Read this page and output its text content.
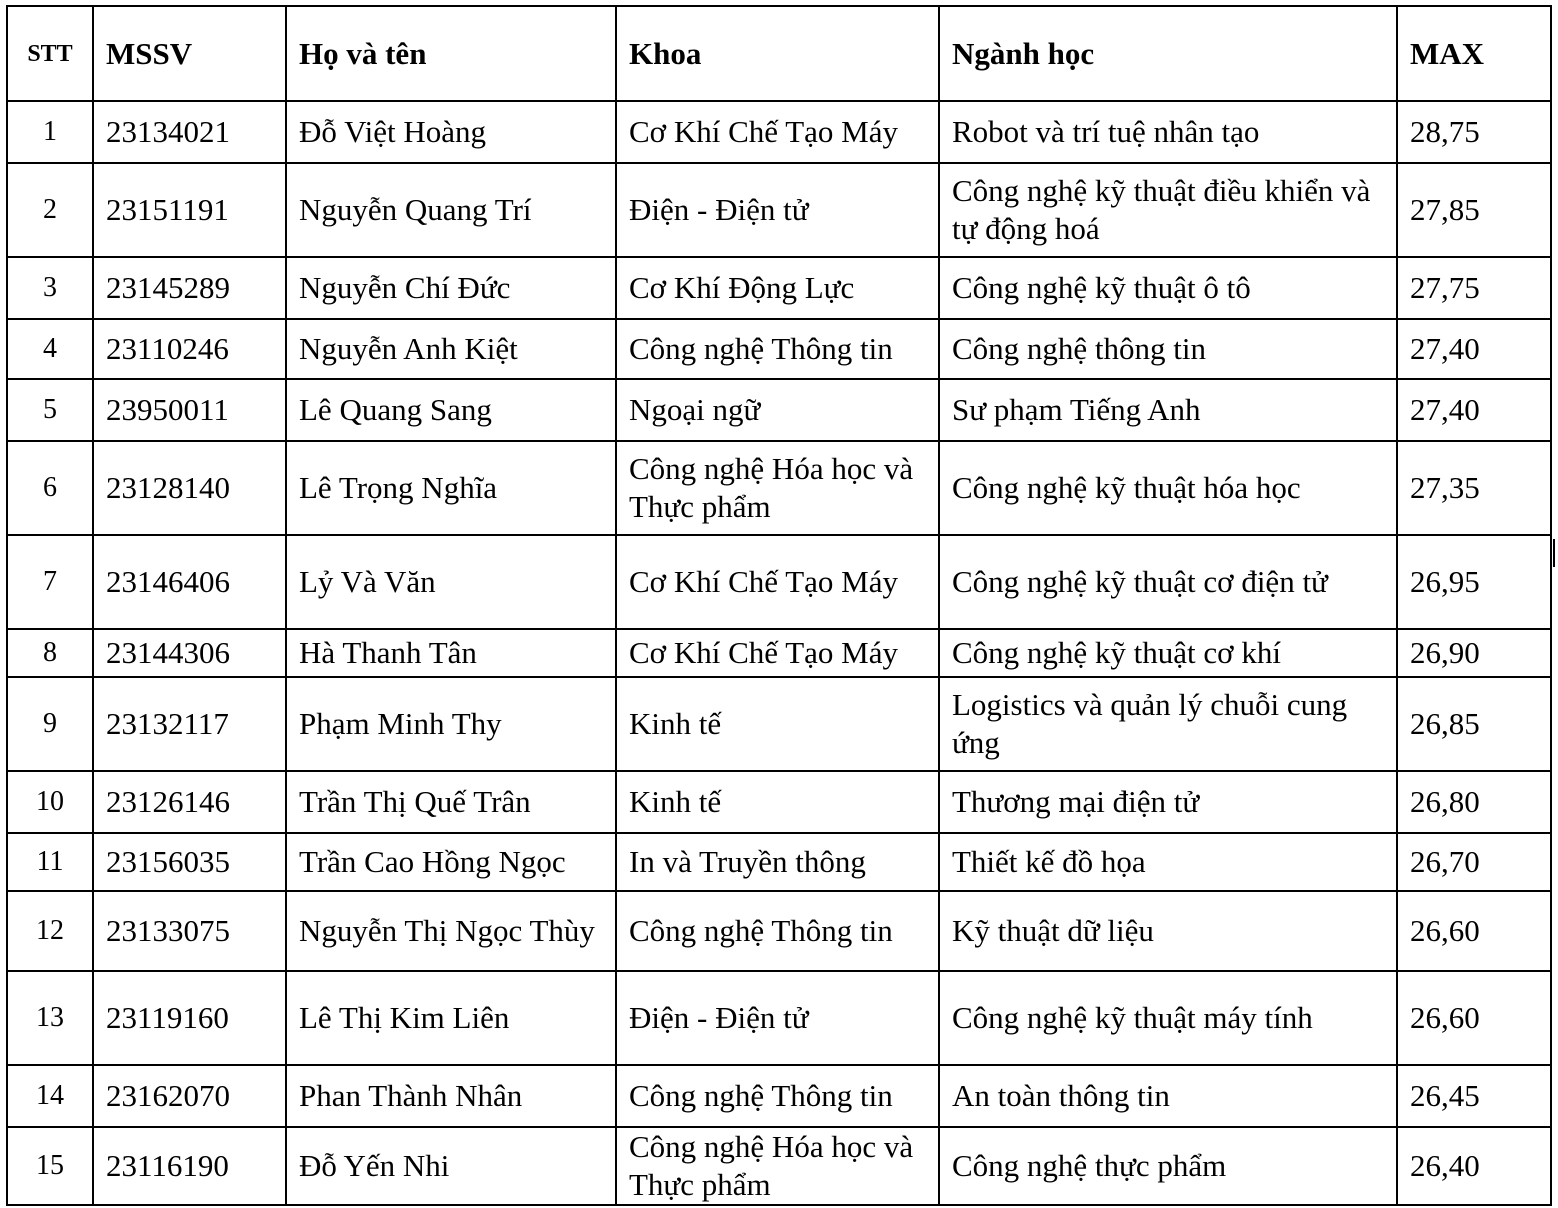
STT	MSSV	Họ và tên	Khoa	Ngành học	MAX
1	23134021	Đỗ Việt Hoàng	Cơ Khí Chế Tạo Máy	Robot và trí tuệ nhân tạo	28,75
2	23151191	Nguyễn Quang Trí	Điện - Điện tử	Công nghệ kỹ thuật điều khiển và tự động hoá	27,85
3	23145289	Nguyễn Chí Đức	Cơ Khí Động Lực	Công nghệ kỹ thuật ô tô	27,75
4	23110246	Nguyễn Anh Kiệt	Công nghệ Thông tin	Công nghệ thông tin	27,40
5	23950011	Lê Quang Sang	Ngoại ngữ	Sư phạm Tiếng Anh	27,40
6	23128140	Lê Trọng Nghĩa	Công nghệ Hóa học và Thực phẩm	Công nghệ kỹ thuật hóa học	27,35
7	23146406	Lỷ Và Văn	Cơ Khí Chế Tạo Máy	Công nghệ kỹ thuật cơ điện tử	26,95
8	23144306	Hà Thanh Tân	Cơ Khí Chế Tạo Máy	Công nghệ kỹ thuật cơ khí	26,90
9	23132117	Phạm Minh Thy	Kinh tế	Logistics và quản lý chuỗi cung ứng	26,85
10	23126146	Trần Thị Quế Trân	Kinh tế	Thương mại điện tử	26,80
11	23156035	Trần Cao Hồng Ngọc	In và Truyền thông	Thiết kế đồ họa	26,70
12	23133075	Nguyễn Thị Ngọc Thùy	Công nghệ Thông tin	Kỹ thuật dữ liệu	26,60
13	23119160	Lê Thị Kim Liên	Điện - Điện tử	Công nghệ kỹ thuật máy tính	26,60
14	23162070	Phan Thành Nhân	Công nghệ Thông tin	An toàn thông tin	26,45
15	23116190	Đỗ Yến Nhi	Công nghệ Hóa học và Thực phẩm	Công nghệ thực phẩm	26,40
